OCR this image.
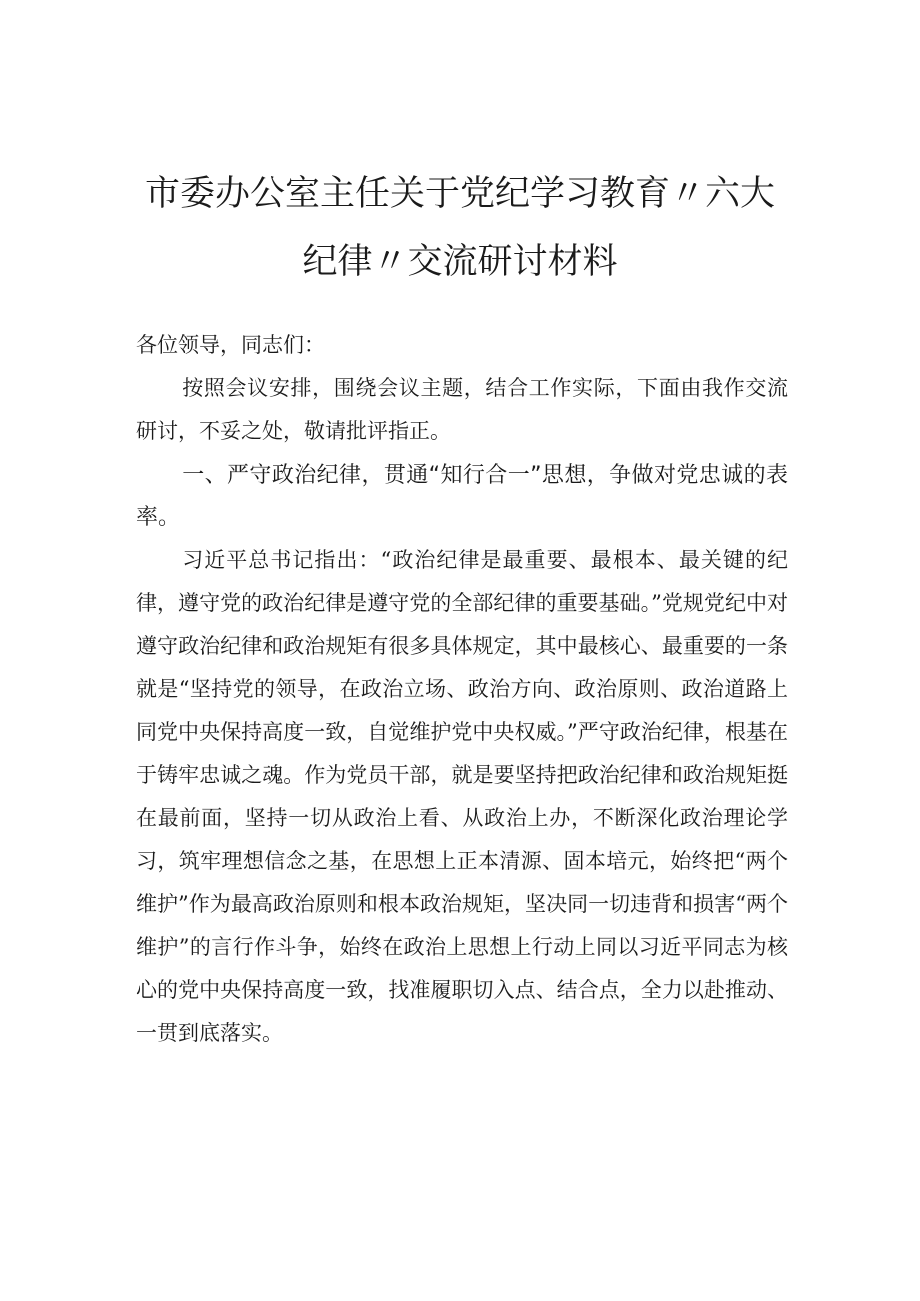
市委办公室主任关于党纪学习教育〃六大
纪律〃交流研讨材料

各位领导，同志们：

按照会议安排，围绕会议主题，结合工作实际，下面由我作交流研讨，不妥之处，敬请批评指正。

一、严守政治纪律，贯通“知行合一”思想，争做对党忠诚的表率。

习近平总书记指出：“政治纪律是最重要、最根本、最关键的纪律，遵守党的政治纪律是遵守党的全部纪律的重要基础。”党规党纪中对遵守政治纪律和政治规矩有很多具体规定，其中最核心、最重要的一条就是“坚持党的领导，在政治立场、政治方向、政治原则、政治道路上同党中央保持高度一致，自觉维护党中央权威。”严守政治纪律，根基在于铸牢忠诚之魂。作为党员干部，就是要坚持把政治纪律和政治规矩挺在最前面，坚持一切从政治上看、从政治上办，不断深化政治理论学习，筑牢理想信念之基，在思想上正本清源、固本培元，始终把“两个维护”作为最高政治原则和根本政治规矩，坚决同一切违背和损害“两个维护”的言行作斗争，始终在政治上思想上行动上同以习近平同志为核心的党中央保持高度一致，找准履职切入点、结合点，全力以赴推动、一贯到底落实。
